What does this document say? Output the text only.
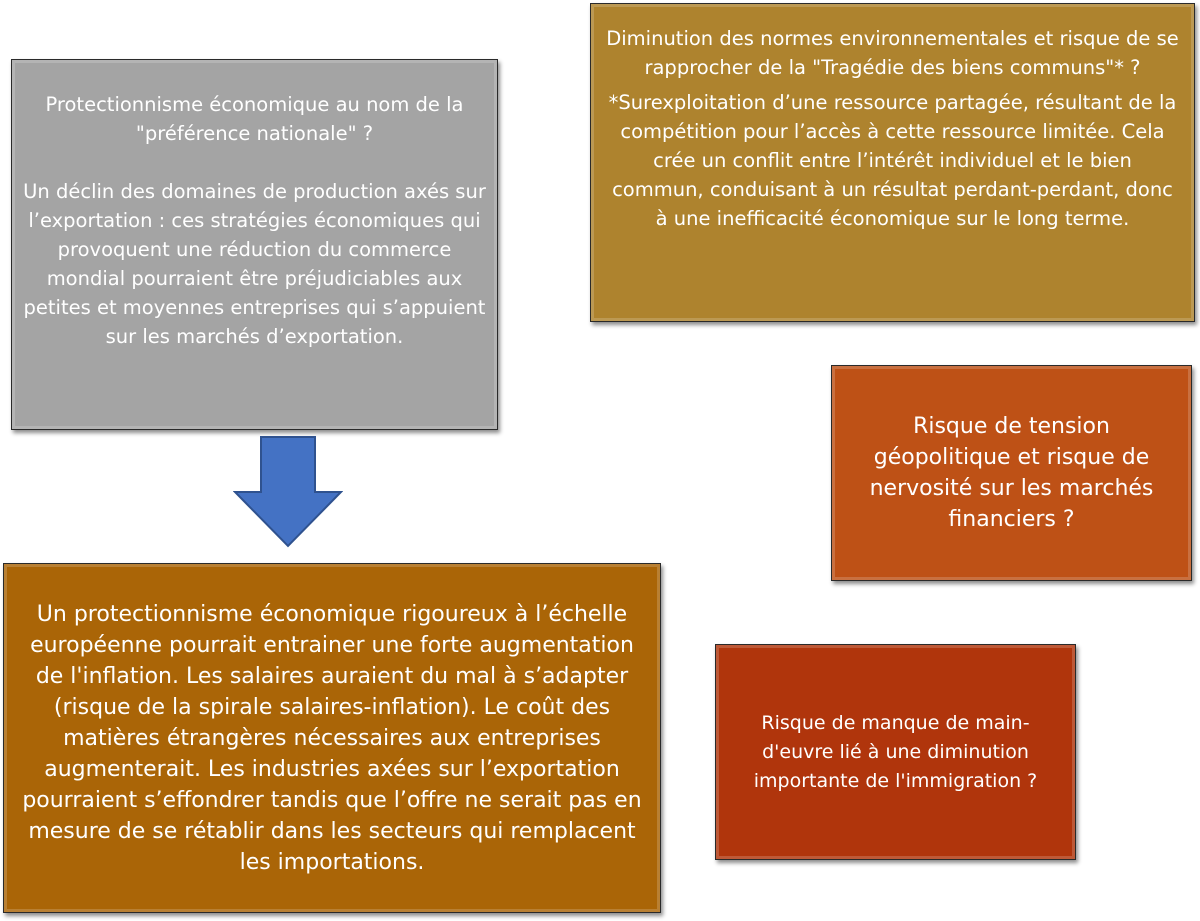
Protectionnisme économique au nom de la "préférence nationale" ?

Un déclin des domaines de production axés sur l’exportation : ces stratégies économiques qui provoquent une réduction du commerce mondial pourraient être préjudiciables aux petites et moyennes entreprises qui s’appuient sur les marchés d’exportation.

Diminution des normes environnementales et risque de se rapprocher de la "Tragédie des biens communs"* ?

*Surexploitation d’une ressource partagée, résultant de la compétition pour l’accès à cette ressource limitée. Cela crée un conflit entre l’intérêt individuel et le bien commun, conduisant à un résultat perdant-perdant, donc à une inefficacité économique sur le long terme.

Risque de tension géopolitique et risque de nervosité sur les marchés financiers ?

Risque de manque de main-d'euvre lié à une diminution importante de l'immigration ?

Un protectionnisme économique rigoureux à l’échelle européenne pourrait entrainer une forte augmentation de l'inflation. Les salaires auraient du mal à s’adapter (risque de la spirale salaires-inflation). Le coût des matières étrangères nécessaires aux entreprises augmenterait. Les industries axées sur l’exportation pourraient s’effondrer tandis que l’offre ne serait pas en mesure de se rétablir dans les secteurs qui remplacent les importations.
